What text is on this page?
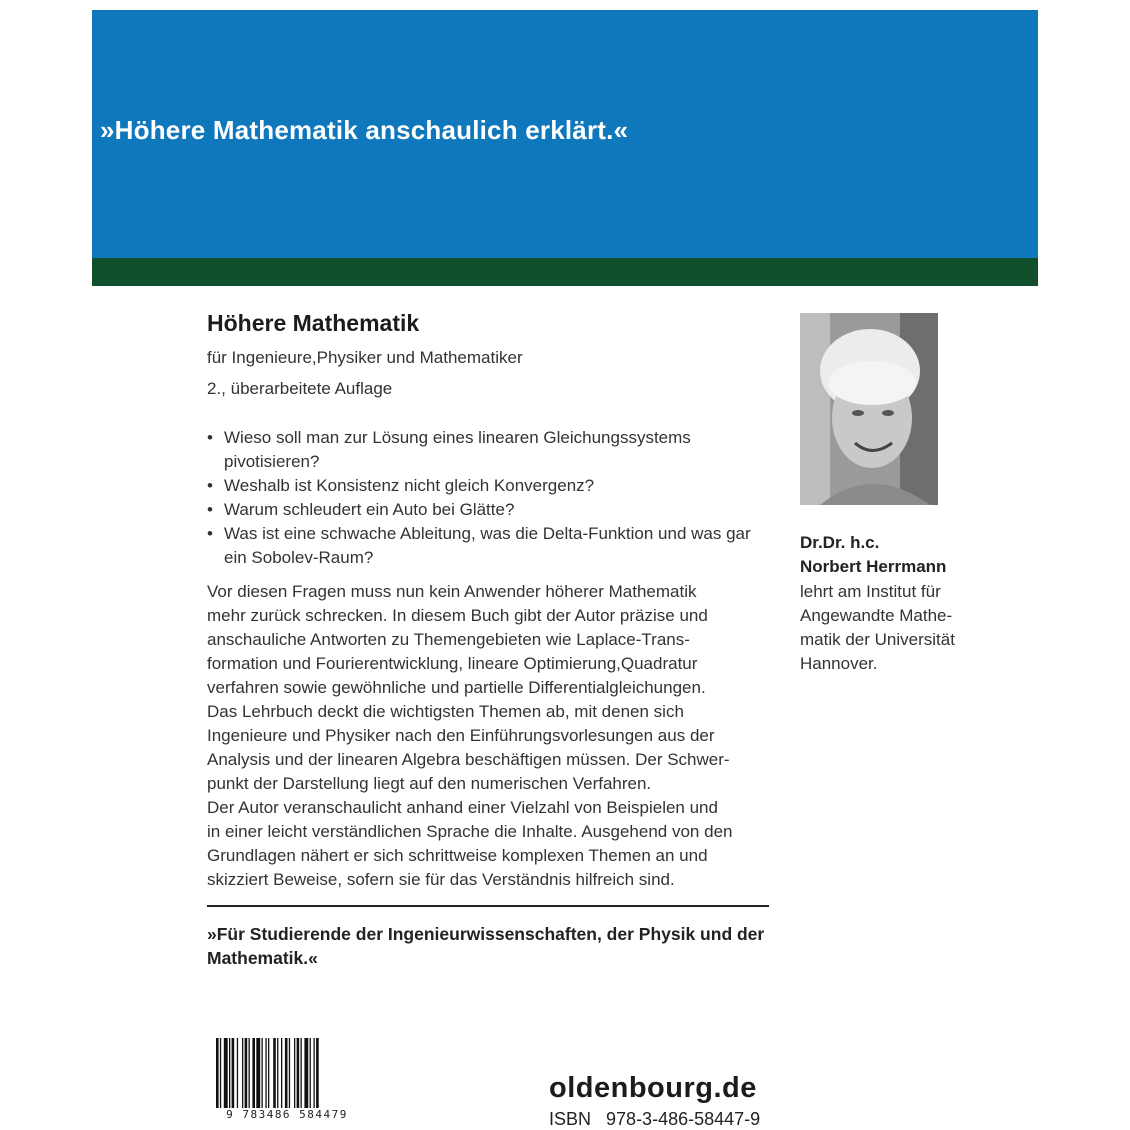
»Höhere Mathematik anschaulich erklärt.«
Höhere Mathematik
für Ingenieure,Physiker und Mathematiker
2., überarbeitete Auflage
• Wieso soll man zur Lösung eines linearen Gleichungssystems pivotisieren?
• Weshalb ist Konsistenz nicht gleich Konvergenz?
• Warum schleudert ein Auto bei Glätte?
• Was ist eine schwache Ableitung, was die Delta-Funktion und was gar ein Sobolev-Raum?

Vor diesen Fragen muss nun kein Anwender höherer Mathematik
mehr zurück schrecken. In diesem Buch gibt der Autor präzise und
anschauliche Antworten zu Themengebieten wie Laplace-Trans-
formation und Fourierentwicklung, lineare Optimierung,Quadratur
verfahren sowie gewöhnliche und partielle Differentialgleichungen.
Das Lehrbuch deckt die wichtigsten Themen ab, mit denen sich
Ingenieure und Physiker nach den Einführungsvorlesungen aus der
Analysis und der linearen Algebra beschäftigen müssen. Der Schwer-
punkt der Darstellung liegt auf den numerischen Verfahren.
Der Autor veranschaulicht anhand einer Vielzahl von Beispielen und
in einer leicht verständlichen Sprache die Inhalte. Ausgehend von den
Grundlagen nähert er sich schrittweise komplexen Themen an und
skizziert Beweise, sofern sie für das Verständnis hilfreich sind.

»Für Studierende der Ingenieurwissenschaften, der Physik und der Mathematik.«
Dr.Dr. h.c.
Norbert Herrmann
lehrt am Institut für
Angewandte Mathe-
matik der Universität
Hannover.
9 783486 584479
oldenbourg.de
ISBN 978-3-486-58447-9
